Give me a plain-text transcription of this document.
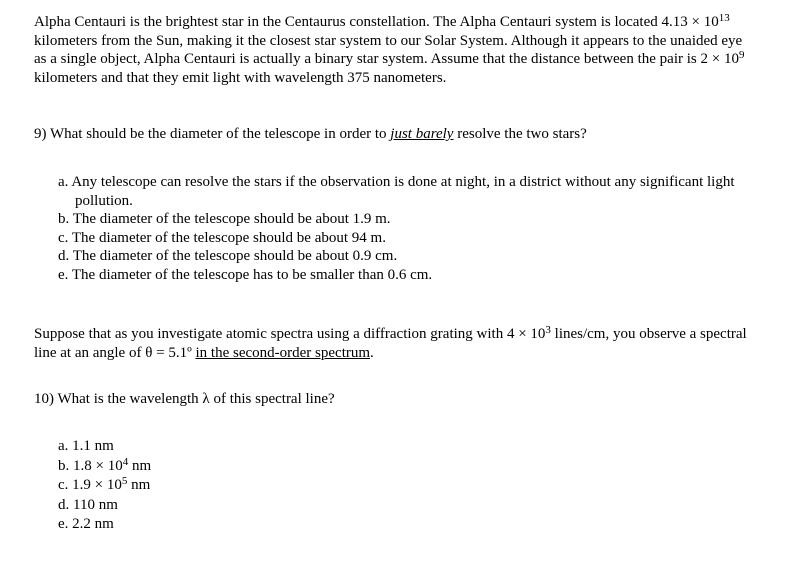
Alpha Centauri is the brightest star in the Centaurus constellation. The Alpha Centauri system is located $4.13 \times 10^{13}$ kilometers from the Sun, making it the closest star system to our Solar System. Although it appears to the unaided eye as a single object, Alpha Centauri is actually a binary star system. Assume that the distance between the pair is $2 \times 10^9$ kilometers and that they emit light with wavelength 375 nanometers.

9) What should be the diameter of the telescope in order to just barely resolve the two stars?

a. Any telescope can resolve the stars if the observation is done at night, in a district without any significant light pollution.
b. The diameter of the telescope should be about 1.9 m.
c. The diameter of the telescope should be about 94 m.
d. The diameter of the telescope should be about 0.9 cm.
e. The diameter of the telescope has to be smaller than 0.6 cm.

Suppose that as you investigate atomic spectra using a diffraction grating with $4 \times 10^3$ lines/cm, you observe a spectral line at an angle of θ = 5.1º in the second-order spectrum.

10) What is the wavelength λ of this spectral line?

a. 1.1 nm
b. $1.8 \times 10^4$ nm
c. $1.9 \times 10^5$ nm
d. 110 nm
e. 2.2 nm
